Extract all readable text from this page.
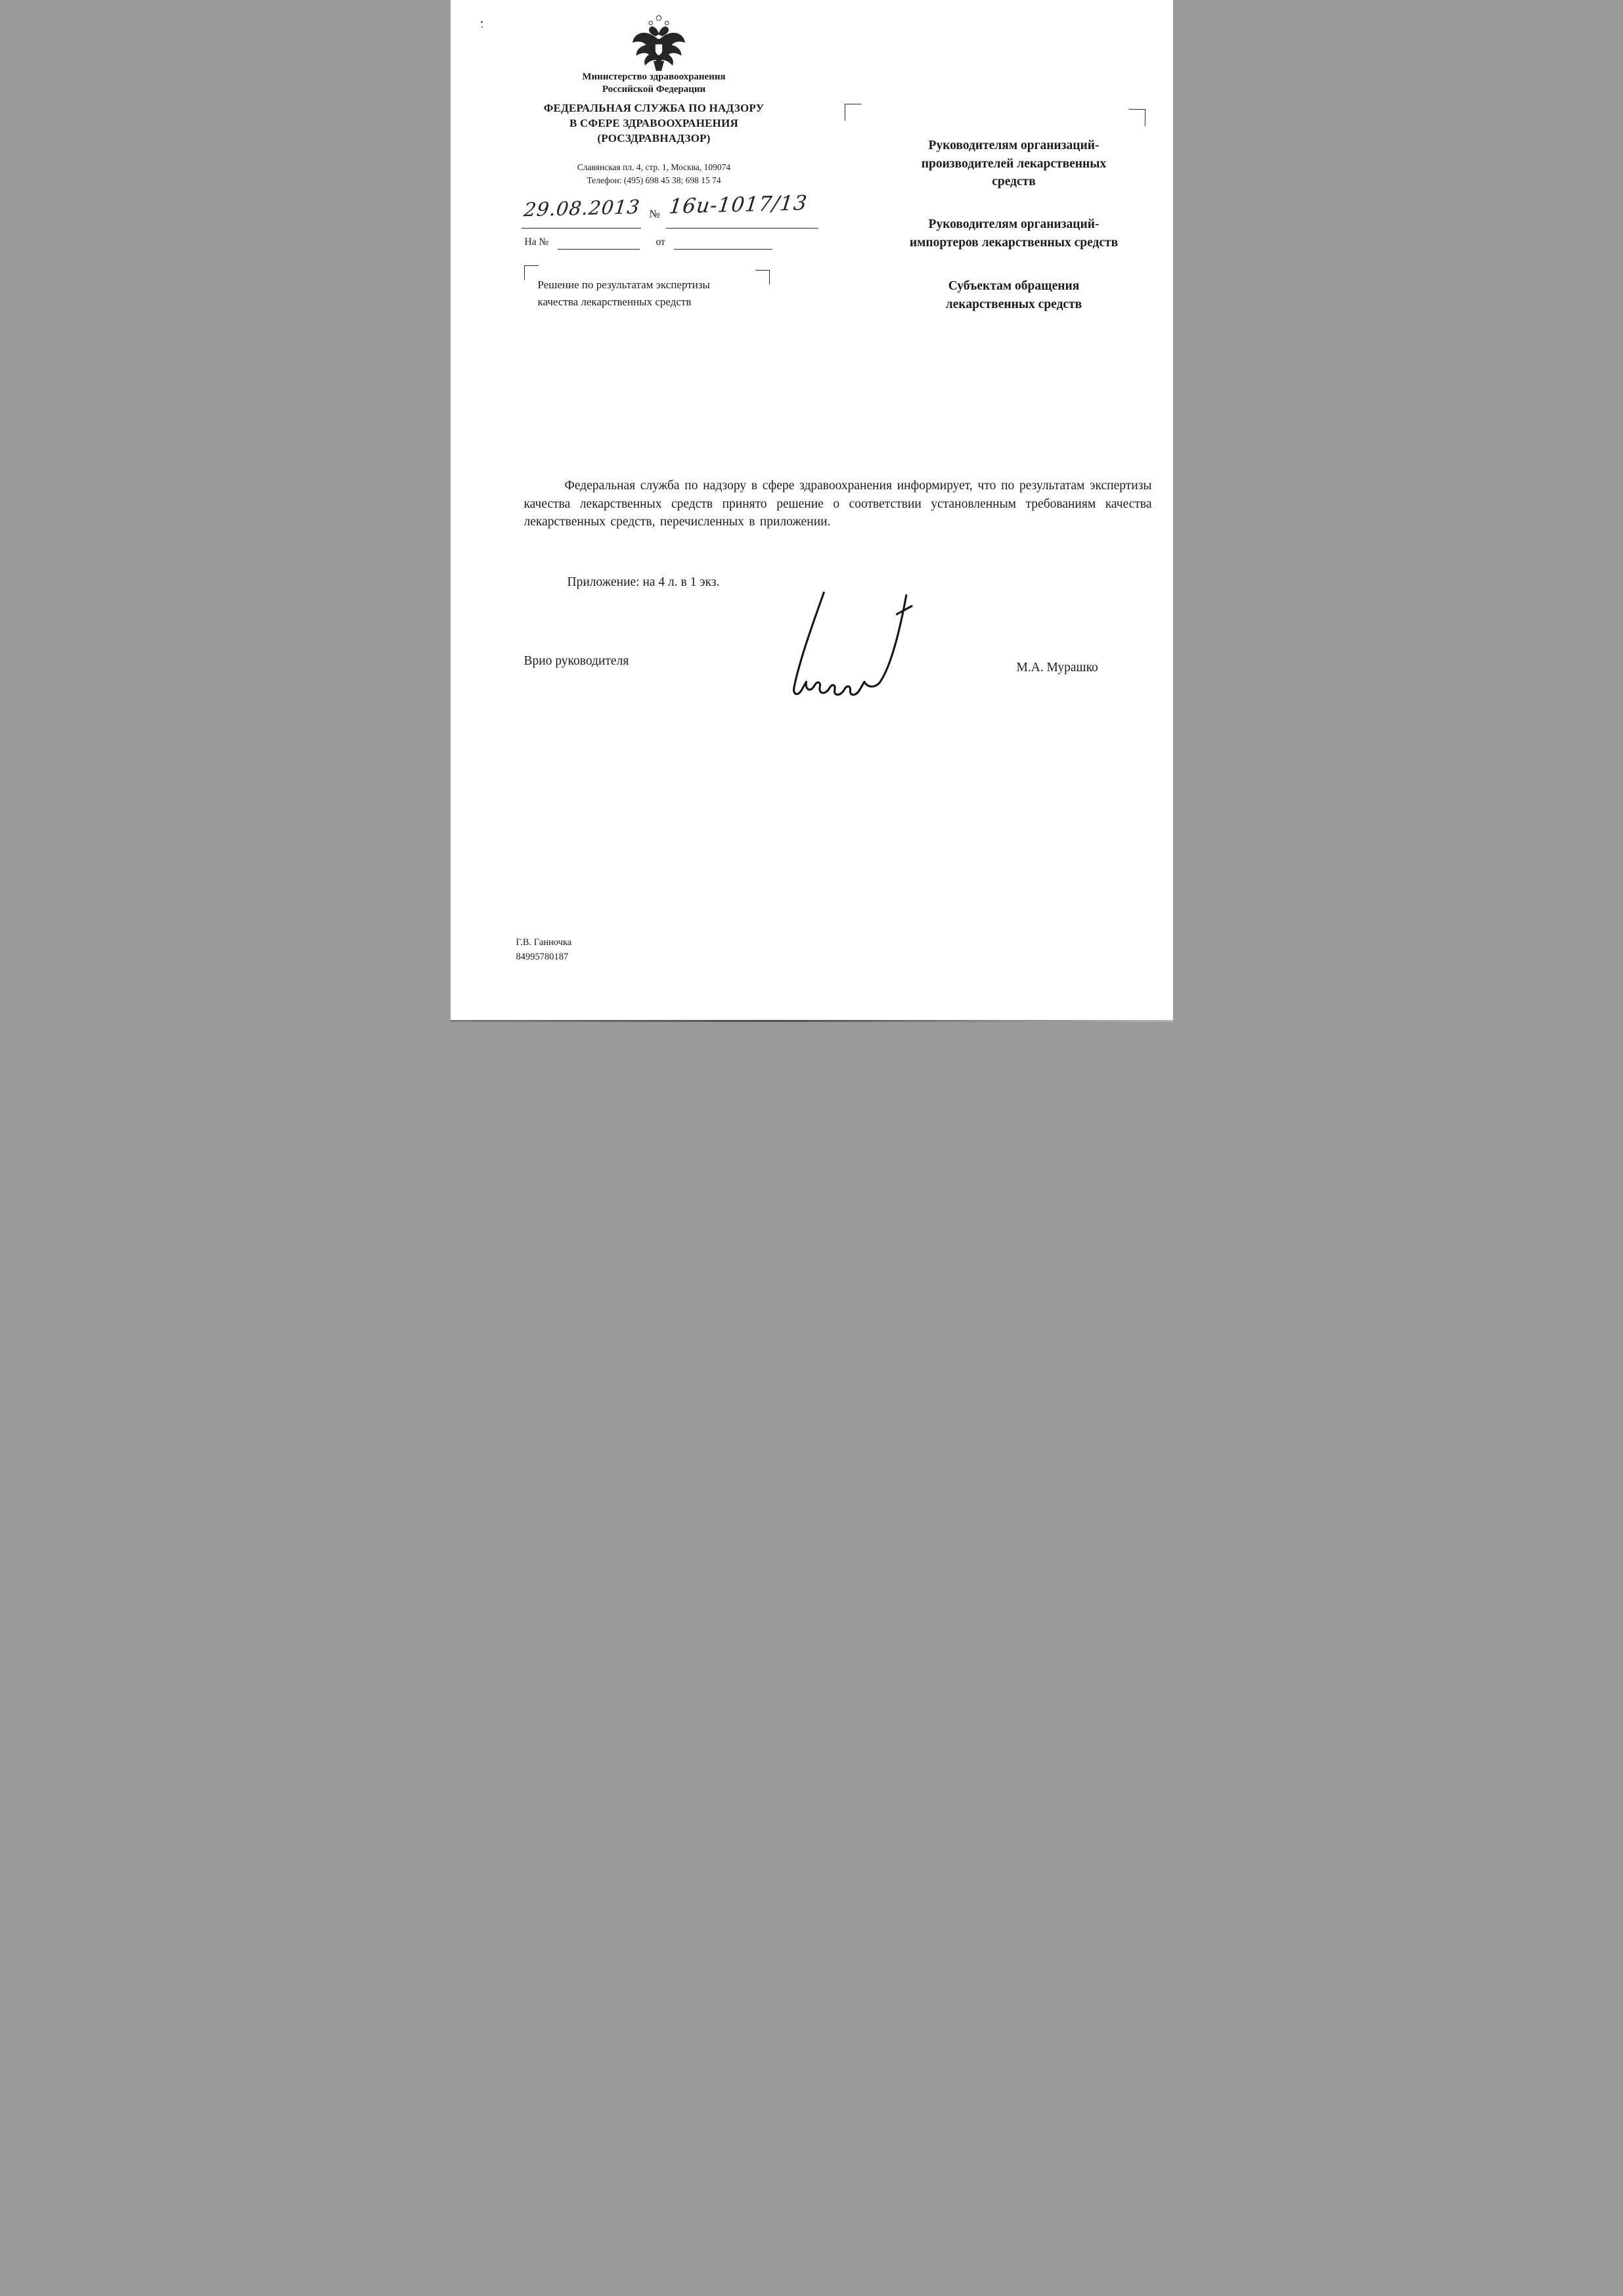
Министерство здравоохранения
Российской Федерации
ФЕДЕРАЛЬНАЯ СЛУЖБА ПО НАДЗОРУ
В СФЕРЕ ЗДРАВООХРАНЕНИЯ
(РОСЗДРАВНАДЗОР)
Славянская пл. 4, стр. 1, Москва, 109074
Телефон: (495) 698 45 38; 698 15 74
29.08.2013 № 16и-1017/13
На №	от
Решение по результатам экспертизы
качества лекарственных средств
Руководителям организаций-
производителей лекарственных
средств
Руководителям организаций-
импортеров лекарственных средств
Субъектам обращения
лекарственных средств
Федеральная служба по надзору в сфере здравоохранения информирует, что по результатам экспертизы качества лекарственных средств принято решение о соответствии установленным требованиям качества лекарственных средств, перечисленных в приложении.
Приложение: на 4 л. в 1 экз.
Врио руководителя	М.А. Мурашко
Г.В. Ганночка
84995780187
